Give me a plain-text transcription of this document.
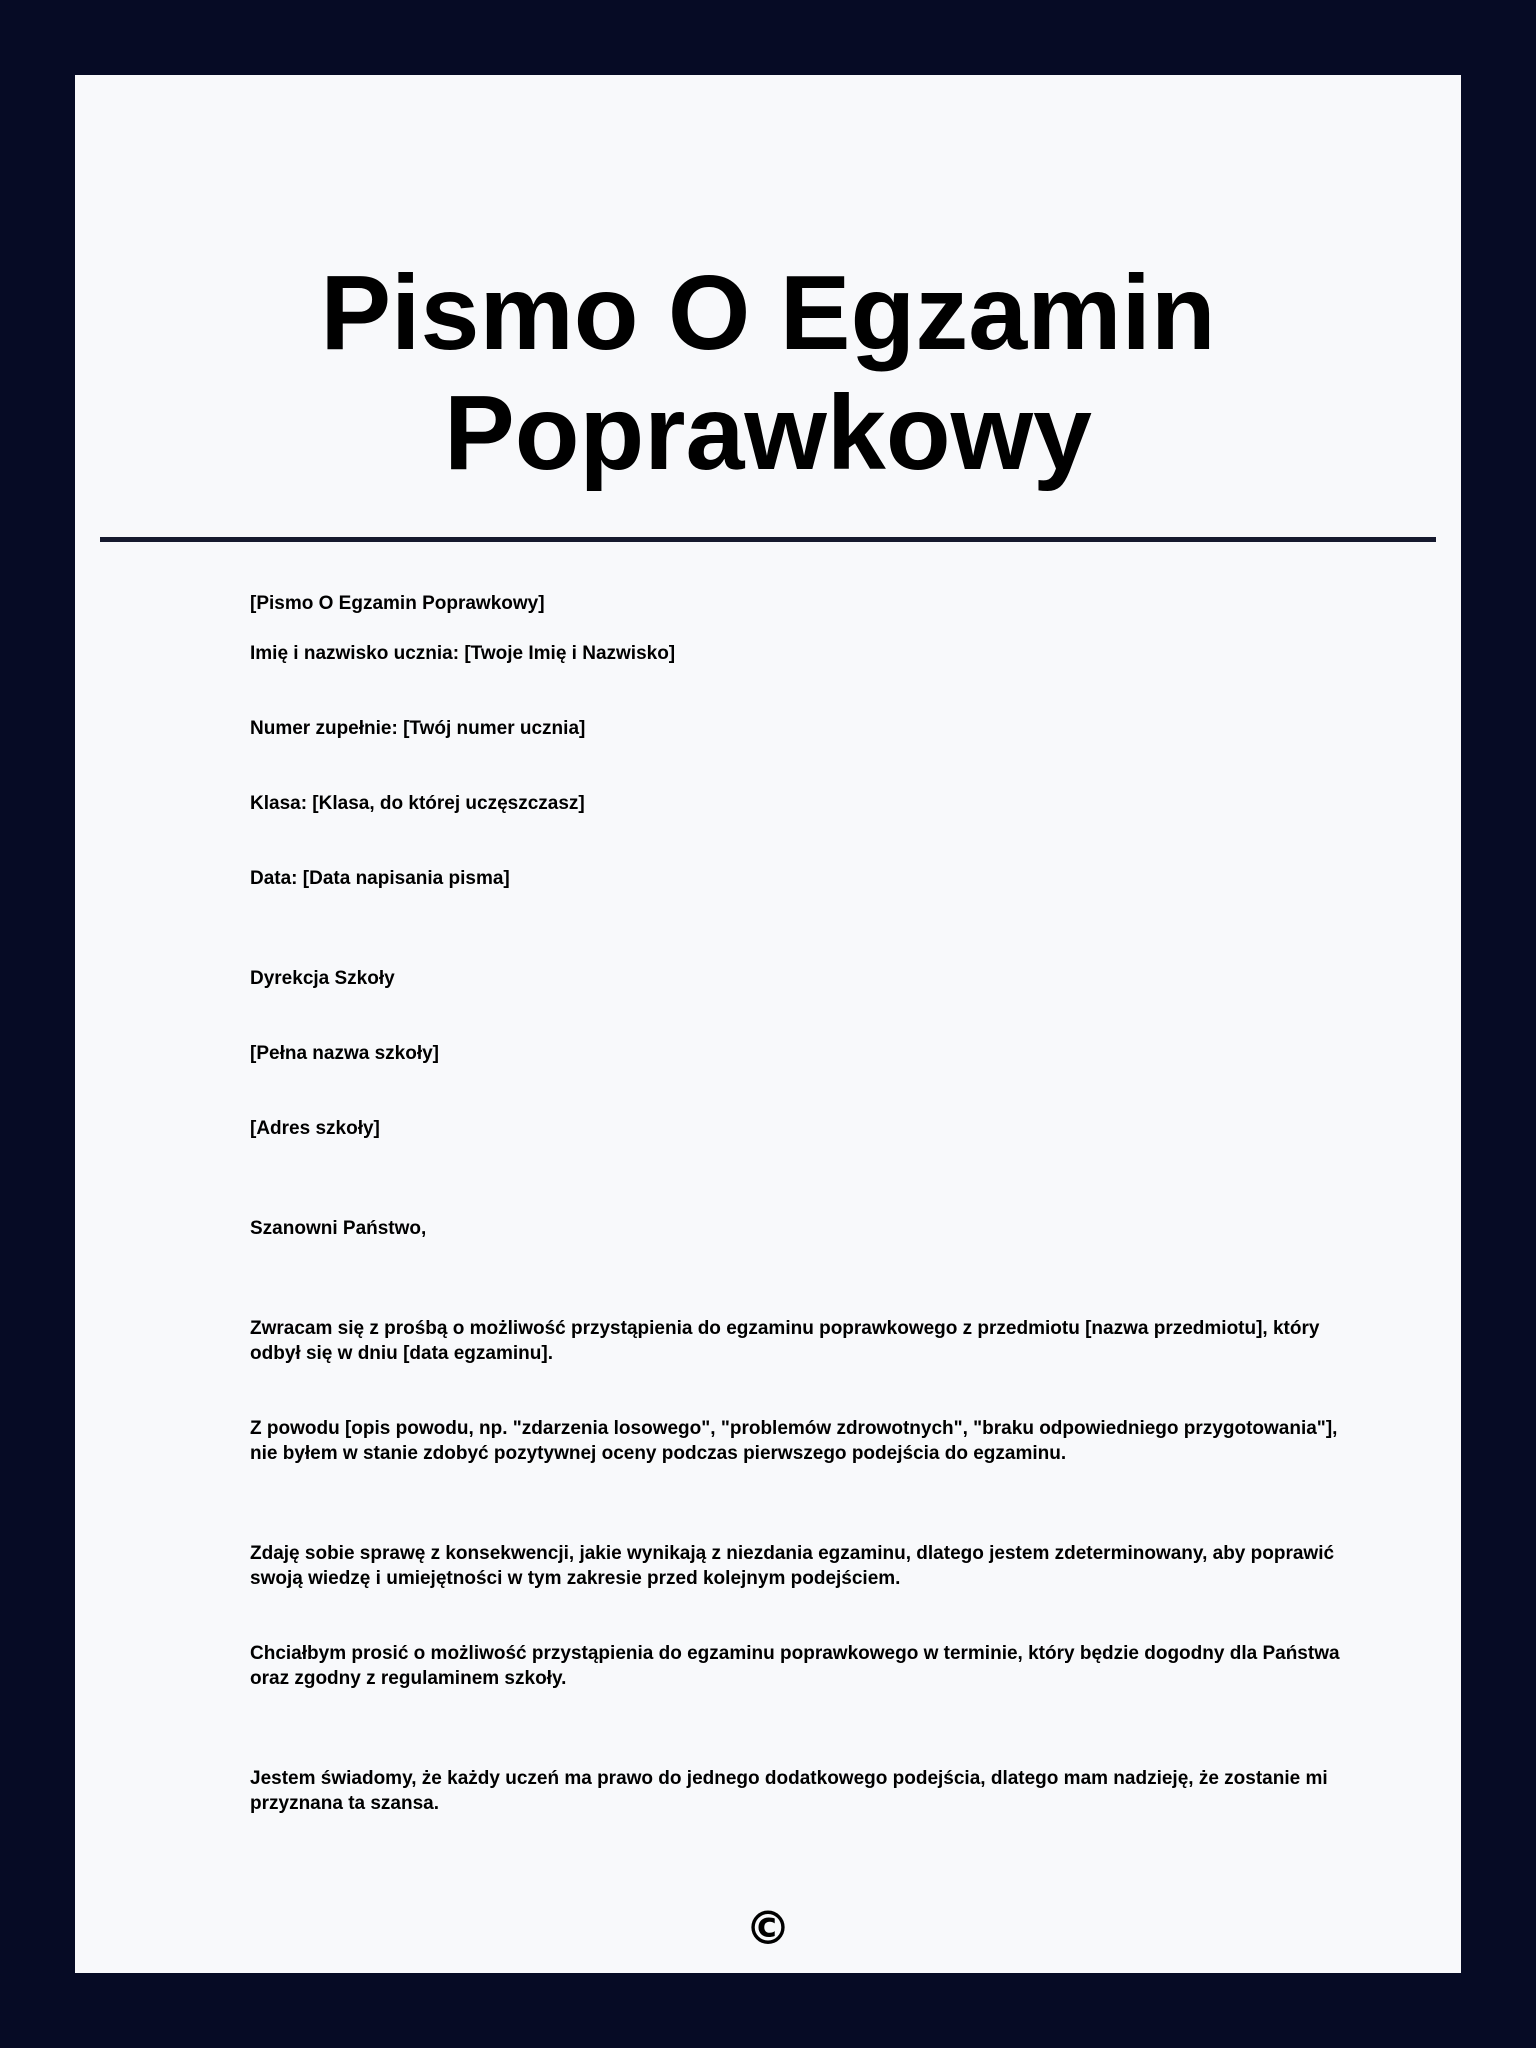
Pismo O Egzamin
Poprawkowy

[Pismo O Egzamin Poprawkowy]

Imię i nazwisko ucznia: [Twoje Imię i Nazwisko]

Numer zupełnie: [Twój numer ucznia]

Klasa: [Klasa, do której uczęszczasz]

Data: [Data napisania pisma]

Dyrekcja Szkoły

[Pełna nazwa szkoły]

[Adres szkoły]

Szanowni Państwo,

Zwracam się z prośbą o możliwość przystąpienia do egzaminu poprawkowego z przedmiotu [nazwa przedmiotu], który odbył się w dniu [data egzaminu].

Z powodu [opis powodu, np. "zdarzenia losowego", "problemów zdrowotnych", "braku odpowiedniego przygotowania"], nie byłem w stanie zdobyć pozytywnej oceny podczas pierwszego podejścia do egzaminu.

Zdaję sobie sprawę z konsekwencji, jakie wynikają z niezdania egzaminu, dlatego jestem zdeterminowany, aby poprawić swoją wiedzę i umiejętności w tym zakresie przed kolejnym podejściem.

Chciałbym prosić o możliwość przystąpienia do egzaminu poprawkowego w terminie, który będzie dogodny dla Państwa oraz zgodny z regulaminem szkoły.

Jestem świadomy, że każdy uczeń ma prawo do jednego dodatkowego podejścia, dlatego mam nadzieję, że zostanie mi przyznana ta szansa.

©
